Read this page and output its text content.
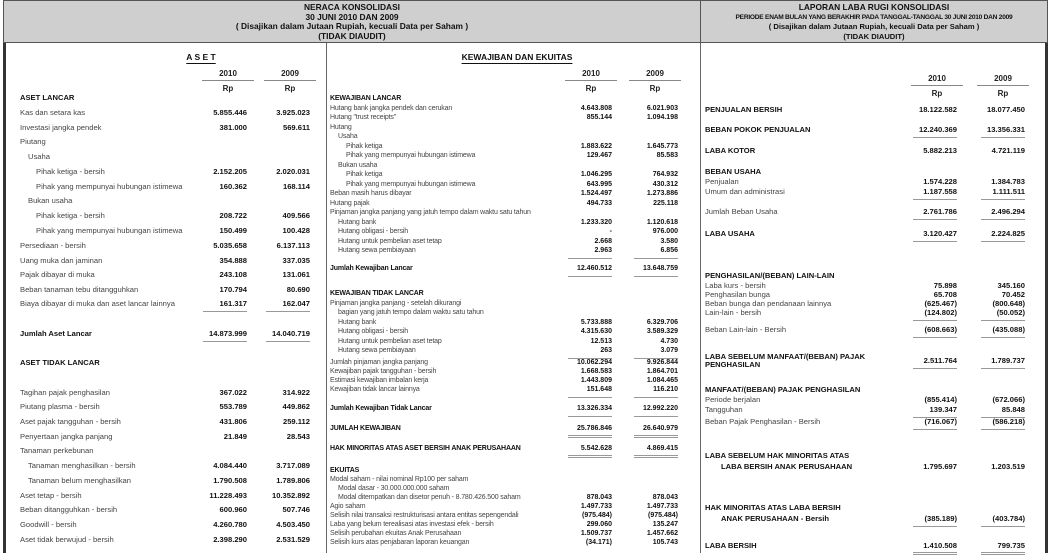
NERACA KONSOLIDASI
30 JUNI 2010 DAN 2009
( Disajikan dalam Jutaan Rupiah, kecuali Data per Saham )
(TIDAK DIAUDIT)
LAPORAN LABA RUGI KONSOLIDASI
PERIODE ENAM BULAN YANG BERAKHIR PADA TANGGAL-TANGGAL 30 JUNI 2010 DAN 2009
( Disajikan dalam Jutaan Rupiah, kecuali Data per Saham )
(TIDAK DIAUDIT)
A S E T
2010
Rp
2009
Rp
ASET LANCAR
Kas dan setara kas	5.855.446	3.925.023
Investasi jangka pendek	381.000	569.611
Piutang
Usaha
Pihak ketiga - bersih	2.152.205	2.020.031
Pihak yang mempunyai hubungan istimewa	160.362	168.114
Bukan usaha
Pihak ketiga - bersih	208.722	409.566
Pihak yang mempunyai hubungan istimewa	150.499	100.428
Persediaan - bersih	5.035.658	6.137.113
Uang muka dan jaminan	354.888	337.035
Pajak dibayar di muka	243.108	131.061
Beban tanaman tebu ditangguhkan	170.794	80.690
Biaya dibayar di muka dan aset lancar lainnya	161.317	162.047
Jumlah Aset Lancar	14.873.999	14.040.719
ASET TIDAK LANCAR
Tagihan pajak penghasilan	367.022	314.922
Piutang plasma - bersih	553.789	449.862
Aset pajak tangguhan - bersih	431.806	259.112
Penyertaan jangka panjang	21.849	28.543
Tanaman perkebunan
Tanaman menghasilkan - bersih	4.084.440	3.717.089
Tanaman belum menghasilkan	1.790.508	1.789.806
Aset tetap - bersih	11.228.493	10.352.892
Beban ditangguhkan - bersih	600.960	507.746
Goodwill - bersih	4.260.780	4.503.450
Aset tidak berwujud - bersih	2.398.290	2.531.529
KEWAJIBAN DAN EKUITAS
2010
Rp
2009
Rp
KEWAJIBAN LANCAR
Hutang bank jangka pendek dan cerukan	4.643.808	6.021.903
Hutang "trust receipts"	855.144	1.094.198
Hutang
Usaha
Pihak ketiga	1.883.622	1.645.773
Pihak yang mempunyai hubungan istimewa	129.467	85.583
Bukan usaha
Pihak ketiga	1.046.295	764.932
Pihak yang mempunyai hubungan istimewa	643.995	430.312
Beban masih harus dibayar	1.524.497	1.273.886
Hutang pajak	494.733	225.118
Pinjaman jangka panjang yang jatuh tempo dalam waktu satu tahun
Hutang bank	1.233.320	1.120.618
Hutang obligasi - bersih	-	976.000
Hutang untuk pembelian aset tetap	2.668	3.580
Hutang sewa pembiayaan	2.963	6.856
Jumlah Kewajiban Lancar	12.460.512	13.648.759
KEWAJIBAN TIDAK LANCAR
Pinjaman jangka panjang - setelah dikurangi
bagian yang jatuh tempo dalam waktu satu tahun
Hutang bank	5.733.888	6.329.706
Hutang obligasi - bersih	4.315.630	3.589.329
Hutang untuk pembelian aset tetap	12.513	4.730
Hutang sewa pembiayaan	263	3.079
Jumlah pinjaman jangka panjang	10.062.294	9.926.844
Kewajiban pajak tangguhan - bersih	1.668.583	1.864.701
Estimasi kewajiban imbalan kerja	1.443.809	1.084.465
Kewajiban tidak lancar lainnya	151.648	116.210
Jumlah Kewajiban Tidak Lancar	13.326.334	12.992.220
JUMLAH KEWAJIBAN	25.786.846	26.640.979
HAK MINORITAS ATAS ASET BERSIH ANAK PERUSAHAAN	5.542.628	4.869.415
EKUITAS
Modal saham - nilai nominal Rp100 per saham
Modal dasar - 30.000.000.000 saham
Modal ditempatkan dan disetor penuh - 8.780.426.500 saham	878.043	878.043
Agio saham	1.497.733	1.497.733
Selisih nilai transaksi restrukturisasi antara entitas sepengendali	(975.484)	(975.484)
Laba yang belum terealisasi atas investasi efek - bersih	299.060	135.247
Selisih perubahan ekuitas Anak Perusahaan	1.509.737	1.457.662
Selisih kurs atas penjabaran laporan keuangan	(34.171)	105.743
2010
Rp
2009
Rp
PENJUALAN BERSIH	18.122.582	18.077.450
BEBAN POKOK PENJUALAN	12.240.369	13.356.331
LABA KOTOR	5.882.213	4.721.119
BEBAN USAHA
Penjualan	1.574.228	1.384.783
Umum dan administrasi	1.187.558	1.111.511
Jumlah Beban Usaha	2.761.786	2.496.294
LABA USAHA	3.120.427	2.224.825
PENGHASILAN/(BEBAN) LAIN-LAIN
Laba kurs - bersih	75.898	345.160
Penghasilan bunga	65.708	70.452
Beban bunga dan pendanaan lainnya	(625.467)	(800.648)
Lain-lain - bersih	(124.802)	(50.052)
Beban Lain-lain - Bersih	(608.663)	(435.088)
LABA SEBELUM MANFAAT/(BEBAN) PAJAK PENGHASILAN	2.511.764	1.789.737
MANFAAT/(BEBAN) PAJAK PENGHASILAN
Periode berjalan	(855.414)	(672.066)
Tangguhan	139.347	85.848
Beban Pajak Penghasilan - Bersih	(716.067)	(586.218)
LABA SEBELUM HAK MINORITAS ATAS
LABA BERSIH ANAK PERUSAHAAN	1.795.697	1.203.519
HAK MINORITAS ATAS LABA BERSIH
ANAK PERUSAHAAN - Bersih	(385.189)	(403.784)
LABA BERSIH	1.410.508	799.735
